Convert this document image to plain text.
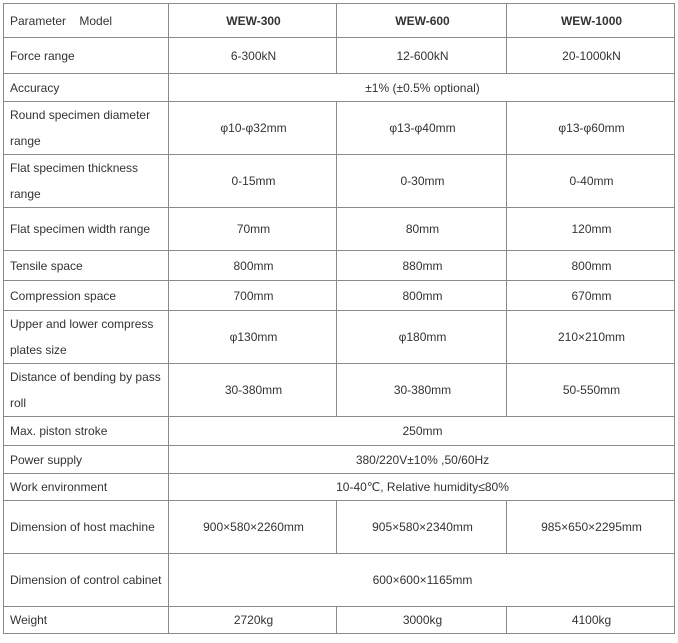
Parameter    Model	WEW-300	WEW-600	WEW-1000
Force range	6-300kN	12-600kN	20-1000kN
Accuracy	±1% (±0.5% optional)		
Round specimen diameter range	φ10-φ32mm	φ13-φ40mm	φ13-φ60mm
Flat specimen thickness range	0-15mm	0-30mm	0-40mm
Flat specimen width range	70mm	80mm	120mm
Tensile space	800mm	880mm	800mm
Compression space	700mm	800mm	670mm
Upper and lower compress plates size	φ130mm	φ180mm	210×210mm
Distance of bending by pass roll	30-380mm	30-380mm	50-550mm
Max. piston stroke	250mm		
Power supply	380/220V±10% ,50/60Hz		
Work environment	10-40℃, Relative humidity≤80%		
Dimension of host machine	900×580×2260mm	905×580×2340mm	985×650×2295mm
Dimension of control cabinet	600×600×1165mm		
Weight	2720kg	3000kg	4100kg
